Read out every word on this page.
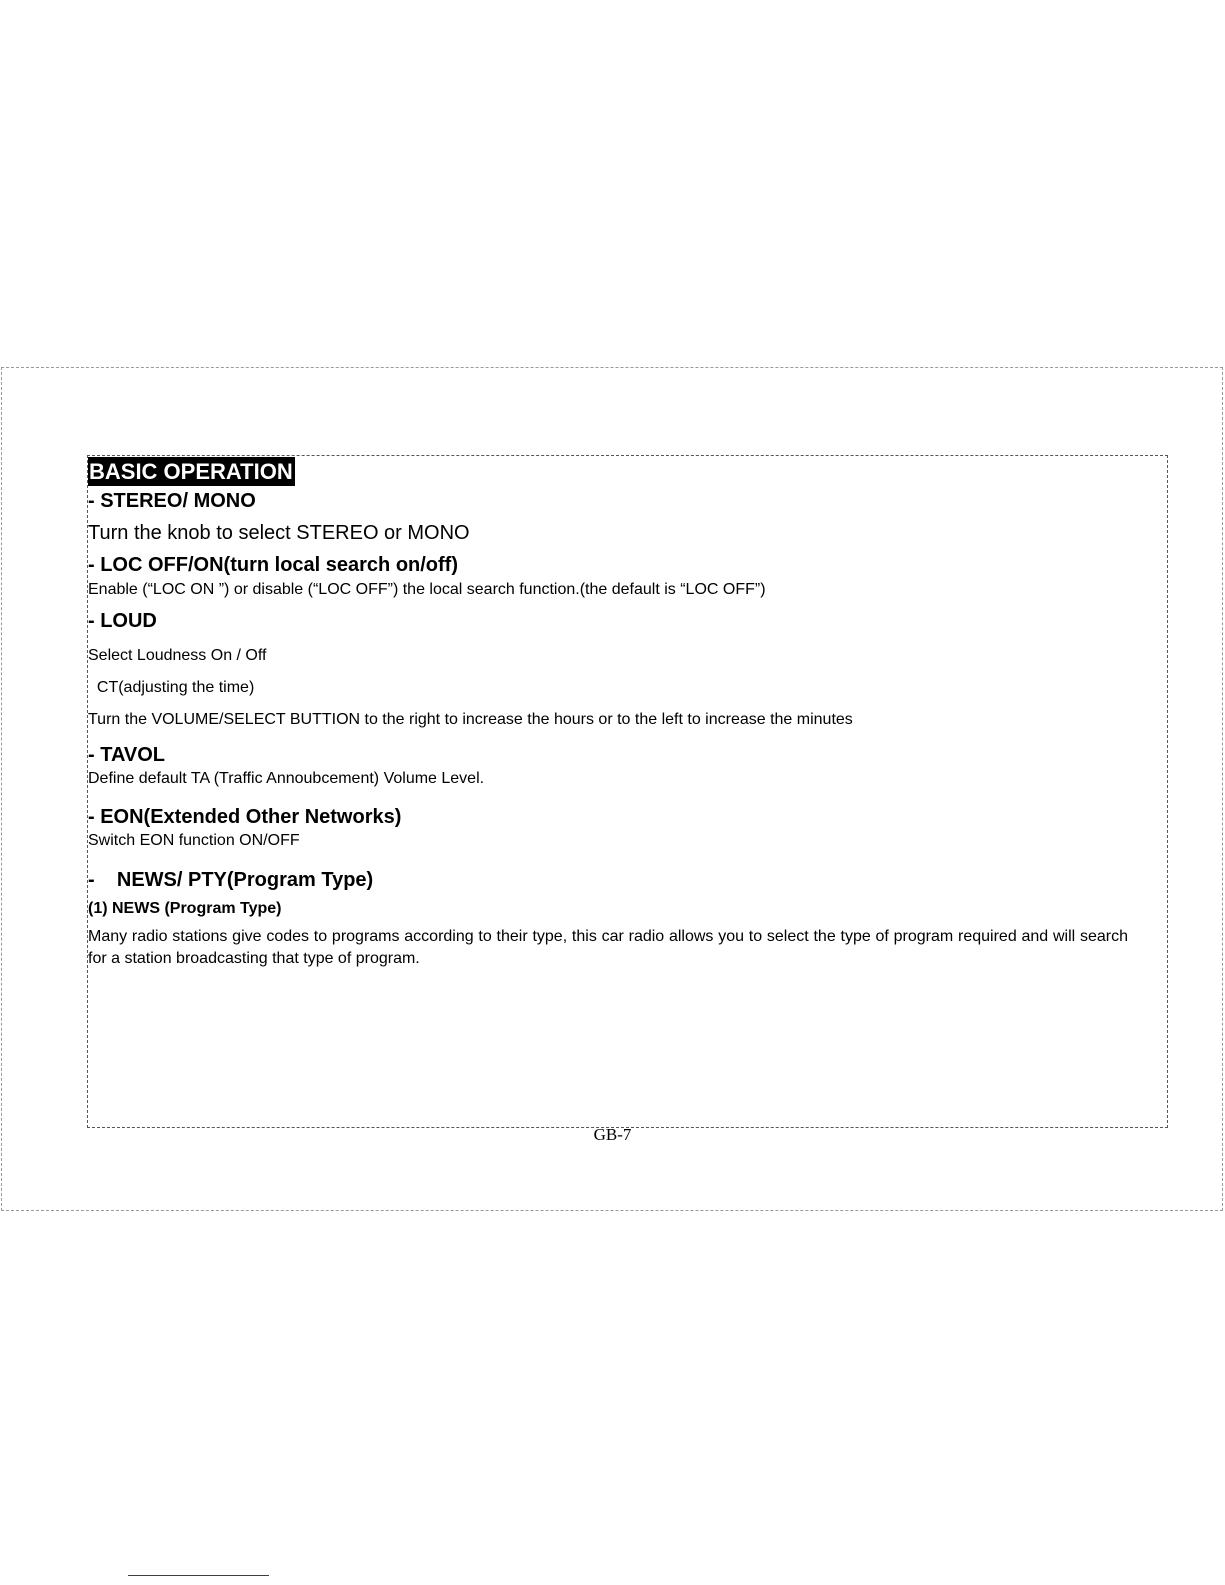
BASIC OPERATION

- STEREO/ MONO

Turn the knob to select STEREO or MONO

- LOC OFF/ON(turn local search on/off)

Enable (“LOC ON ”) or disable (“LOC OFF”) the local search function.(the default is “LOC OFF”)

- LOUD

Select Loudness On / Off

CT(adjusting the time)

Turn the VOLUME/SELECT BUTTION to the right to increase the hours or to the left to increase the minutes

- TAVOL

Define default TA (Traffic Annoubcement) Volume Level.

- EON(Extended Other Networks)

Switch EON function ON/OFF

-    NEWS/ PTY(Program Type)

(1) NEWS (Program Type)

Many radio stations give codes to programs according to their type, this car radio allows you to select the type of program required and will search for a station broadcasting that type of program.

GB-7
